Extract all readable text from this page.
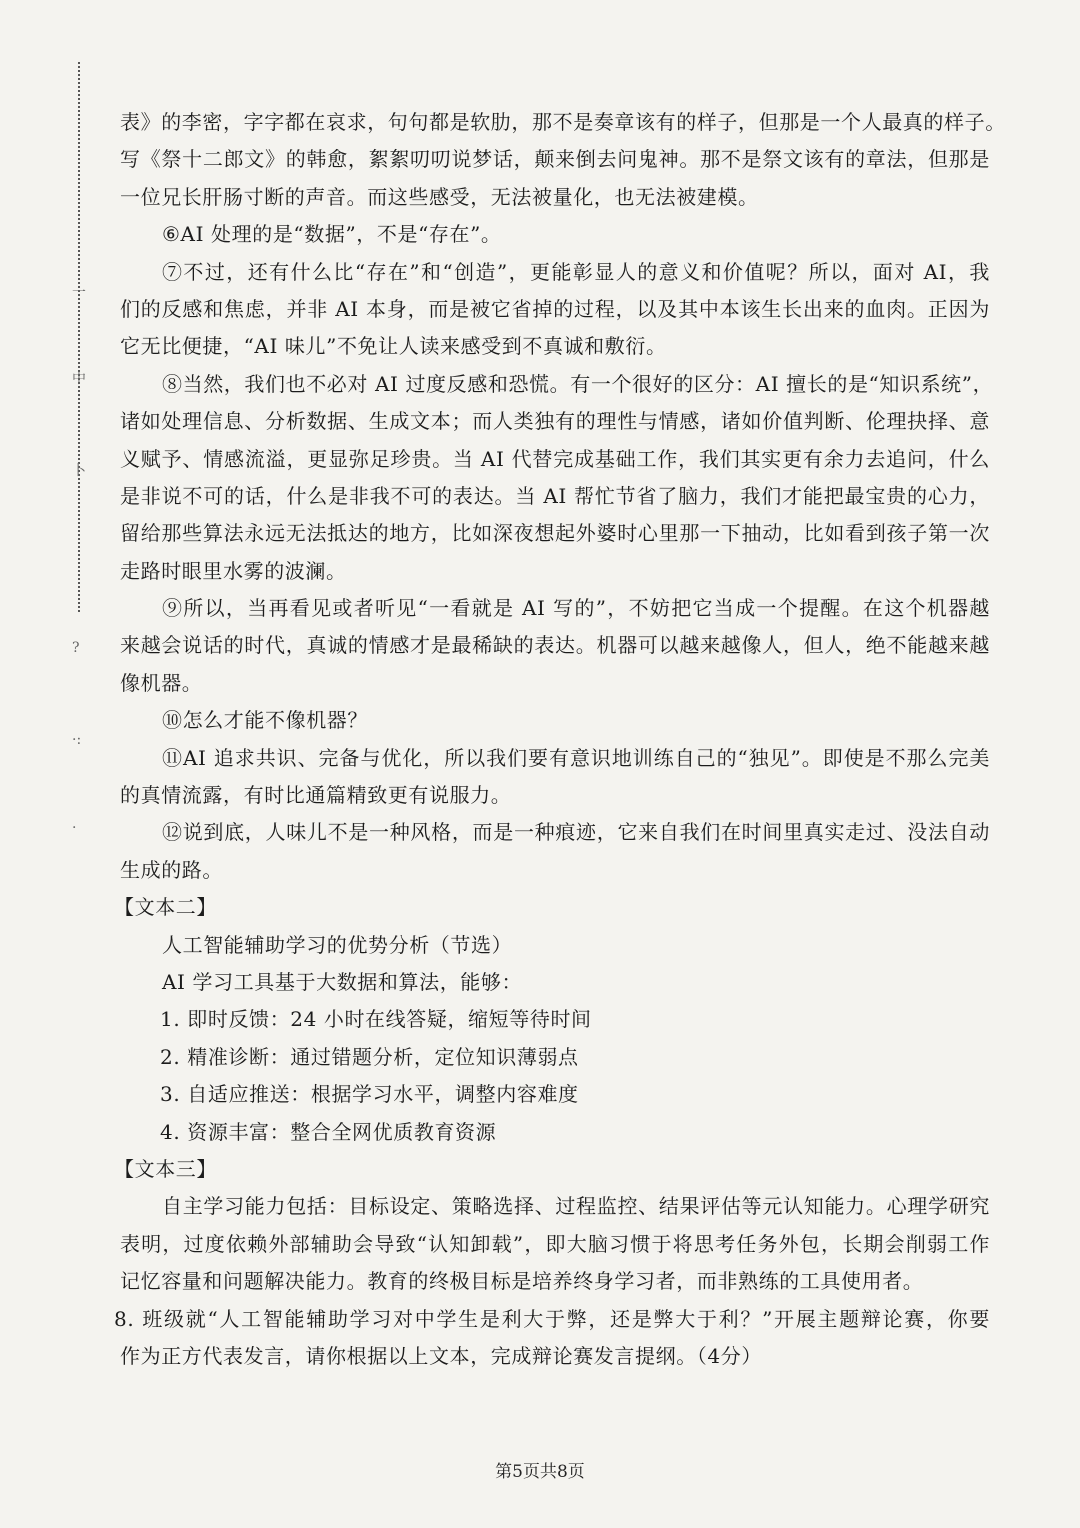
一
中
卜
?
·:
·
表》的李密，字字都在哀求，句句都是软肋，那不是奏章该有的样子，但那是一个人最真的样子。
写《祭十二郎文》的韩愈，絮絮叨叨说梦话，颠来倒去问鬼神。那不是祭文该有的章法，但那是
一位兄长肝肠寸断的声音。而这些感受，无法被量化，也无法被建模。
⑥AI 处理的是“数据”，不是“存在”。
⑦不过，还有什么比“存在”和“创造”，更能彰显人的意义和价值呢？所以，面对 AI，我
们的反感和焦虑，并非 AI 本身，而是被它省掉的过程，以及其中本该生长出来的血肉。正因为
它无比便捷，“AI 味儿”不免让人读来感受到不真诚和敷衍。
⑧当然，我们也不必对 AI 过度反感和恐慌。有一个很好的区分：AI 擅长的是“知识系统”，
诸如处理信息、分析数据、生成文本；而人类独有的理性与情感，诸如价值判断、伦理抉择、意
义赋予、情感流溢，更显弥足珍贵。当 AI 代替完成基础工作，我们其实更有余力去追问，什么
是非说不可的话，什么是非我不可的表达。当 AI 帮忙节省了脑力，我们才能把最宝贵的心力，
留给那些算法永远无法抵达的地方，比如深夜想起外婆时心里那一下抽动，比如看到孩子第一次
走路时眼里水雾的波澜。
⑨所以，当再看见或者听见“一看就是 AI 写的”，不妨把它当成一个提醒。在这个机器越
来越会说话的时代，真诚的情感才是最稀缺的表达。机器可以越来越像人，但人，绝不能越来越
像机器。
⑩怎么才能不像机器？
⑪AI 追求共识、完备与优化，所以我们要有意识地训练自己的“独见”。即使是不那么完美
的真情流露，有时比通篇精致更有说服力。
⑫说到底，人味儿不是一种风格，而是一种痕迹，它来自我们在时间里真实走过、没法自动
生成的路。
【文本二】
人工智能辅助学习的优势分析（节选）
AI 学习工具基于大数据和算法，能够：
1. 即时反馈：24 小时在线答疑，缩短等待时间
2. 精准诊断：通过错题分析，定位知识薄弱点
3. 自适应推送：根据学习水平，调整内容难度
4. 资源丰富：整合全网优质教育资源
【文本三】
自主学习能力包括：目标设定、策略选择、过程监控、结果评估等元认知能力。心理学研究
表明，过度依赖外部辅助会导致“认知卸载”，即大脑习惯于将思考任务外包，长期会削弱工作
记忆容量和问题解决能力。教育的终极目标是培养终身学习者，而非熟练的工具使用者。
8. 班级就“人工智能辅助学习对中学生是利大于弊，还是弊大于利？”开展主题辩论赛，你要
作为正方代表发言，请你根据以上文本，完成辩论赛发言提纲。（4分）
第5页共8页
